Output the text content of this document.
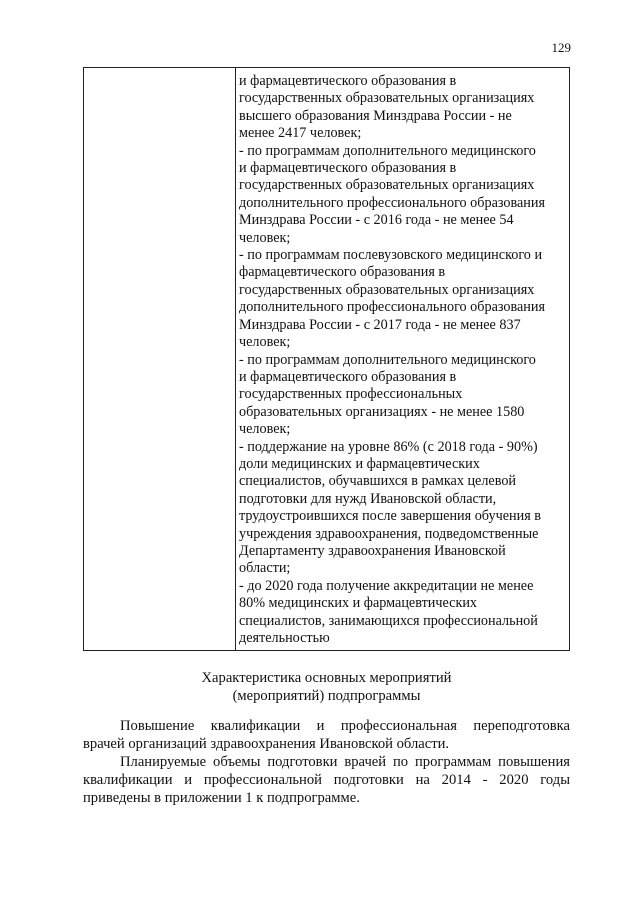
129
и фармацевтического образования в
государственных образовательных организациях
высшего образования Минздрава России - не
менее 2417 человек;
- по программам дополнительного медицинского
и фармацевтического образования в
государственных образовательных организациях
дополнительного профессионального образования
Минздрава России - с 2016 года - не менее 54
человек;
- по программам послевузовского медицинского и
фармацевтического образования в
государственных образовательных организациях
дополнительного профессионального образования
Минздрава России - с 2017 года - не менее 837
человек;
- по программам дополнительного медицинского
и фармацевтического образования в
государственных профессиональных
образовательных организациях - не менее 1580
человек;
- поддержание на уровне 86% (с 2018 года - 90%)
доли медицинских и фармацевтических
специалистов, обучавшихся в рамках целевой
подготовки для нужд Ивановской области,
трудоустроившихся после завершения обучения в
учреждения здравоохранения, подведомственные
Департаменту здравоохранения Ивановской
области;
- до 2020 года получение аккредитации не менее
80% медицинских и фармацевтических
специалистов, занимающихся профессиональной
деятельностью
Характеристика основных мероприятий
(мероприятий) подпрограммы
Повышение квалификации и профессиональная переподготовка
врачей организаций здравоохранения Ивановской области.
Планируемые объемы подготовки врачей по программам повышения
квалификации и профессиональной подготовки на 2014 - 2020 годы
приведены в приложении 1 к подпрограмме.
